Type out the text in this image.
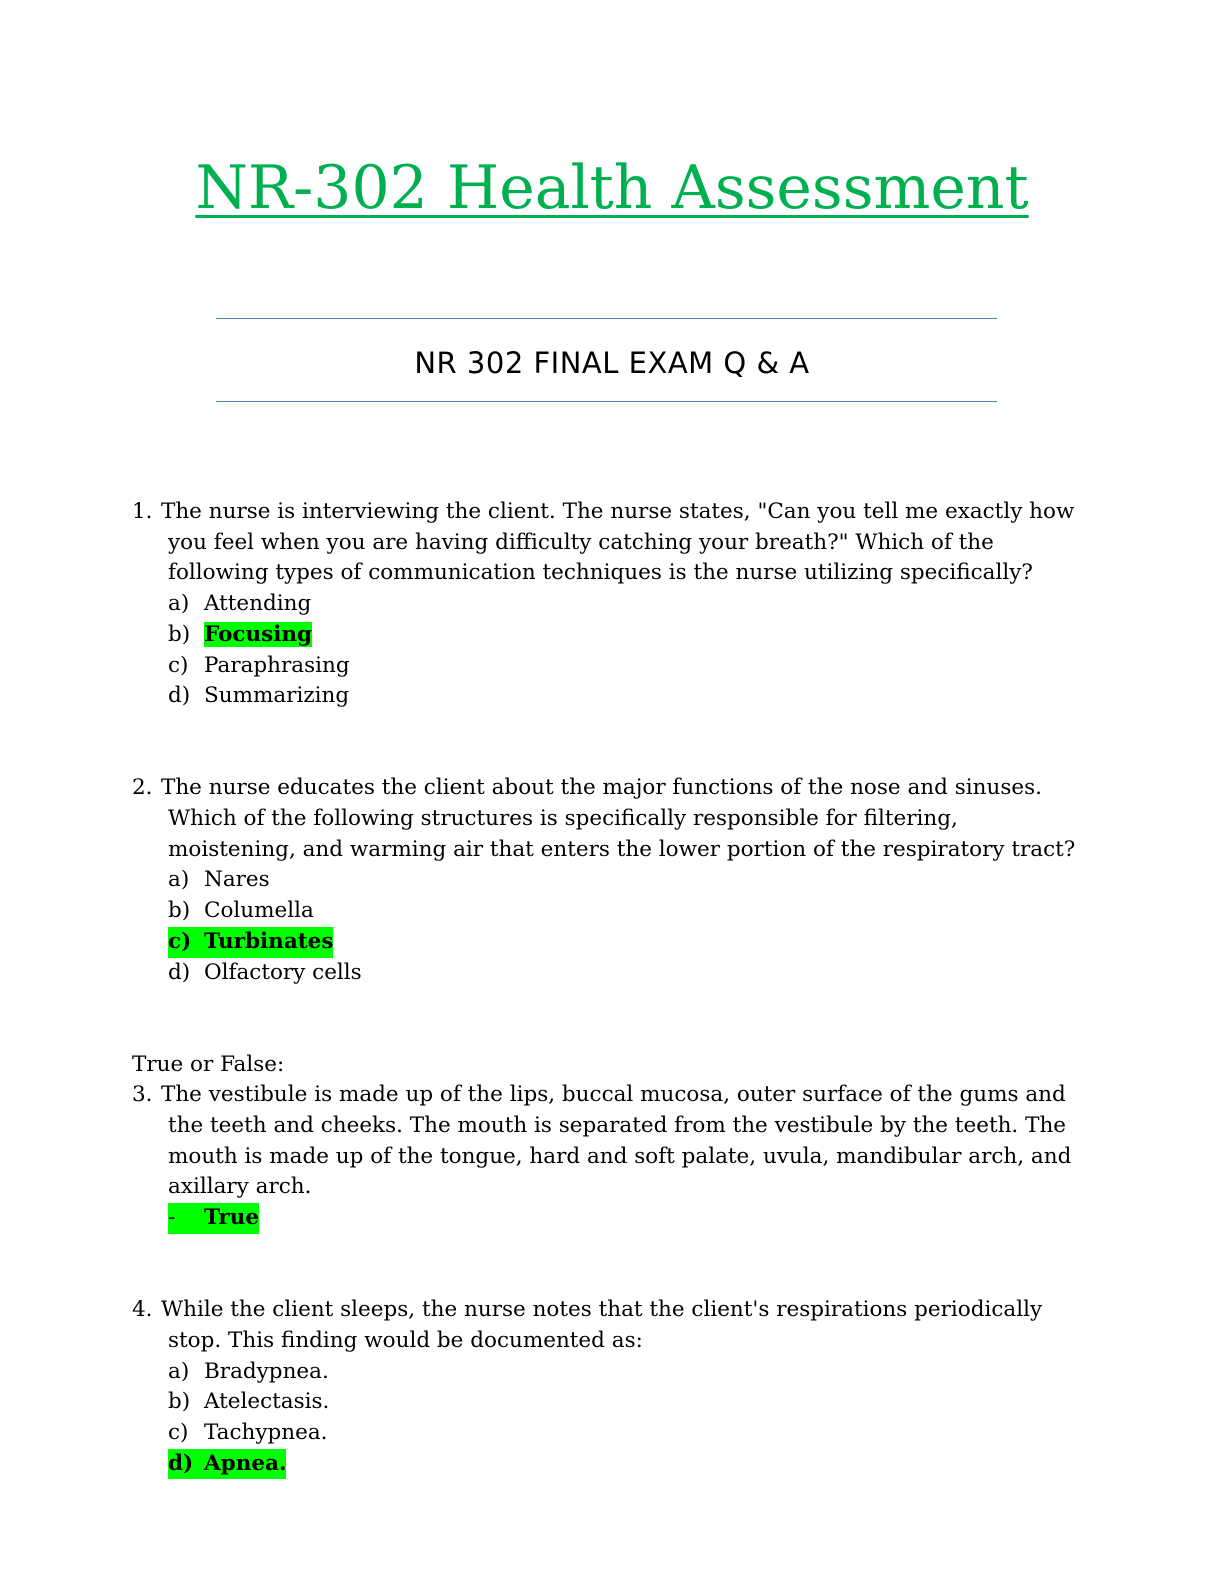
NR-302 Health Assessment
NR 302 FINAL EXAM Q & A

1. The nurse is interviewing the client. The nurse states, "Can you tell me exactly how you feel when you are having difficulty catching your breath?" Which of the following types of communication techniques is the nurse utilizing specifically?

a) Attending
b) Focusing
c) Paraphrasing
d) Summarizing

2. The nurse educates the client about the major functions of the nose and sinuses. Which of the following structures is specifically responsible for filtering, moistening, and warming air that enters the lower portion of the respiratory tract?

a) Nares
b) Columella
c) Turbinates
d) Olfactory cells

True or False:

3. The vestibule is made up of the lips, buccal mucosa, outer surface of the gums and the teeth and cheeks. The mouth is separated from the vestibule by the teeth. The mouth is made up of the tongue, hard and soft palate, uvula, mandibular arch, and axillary arch.

- True

4. While the client sleeps, the nurse notes that the client's respirations periodically stop. This finding would be documented as:

a) Bradypnea.
b) Atelectasis.
c) Tachypnea.
d) Apnea.
